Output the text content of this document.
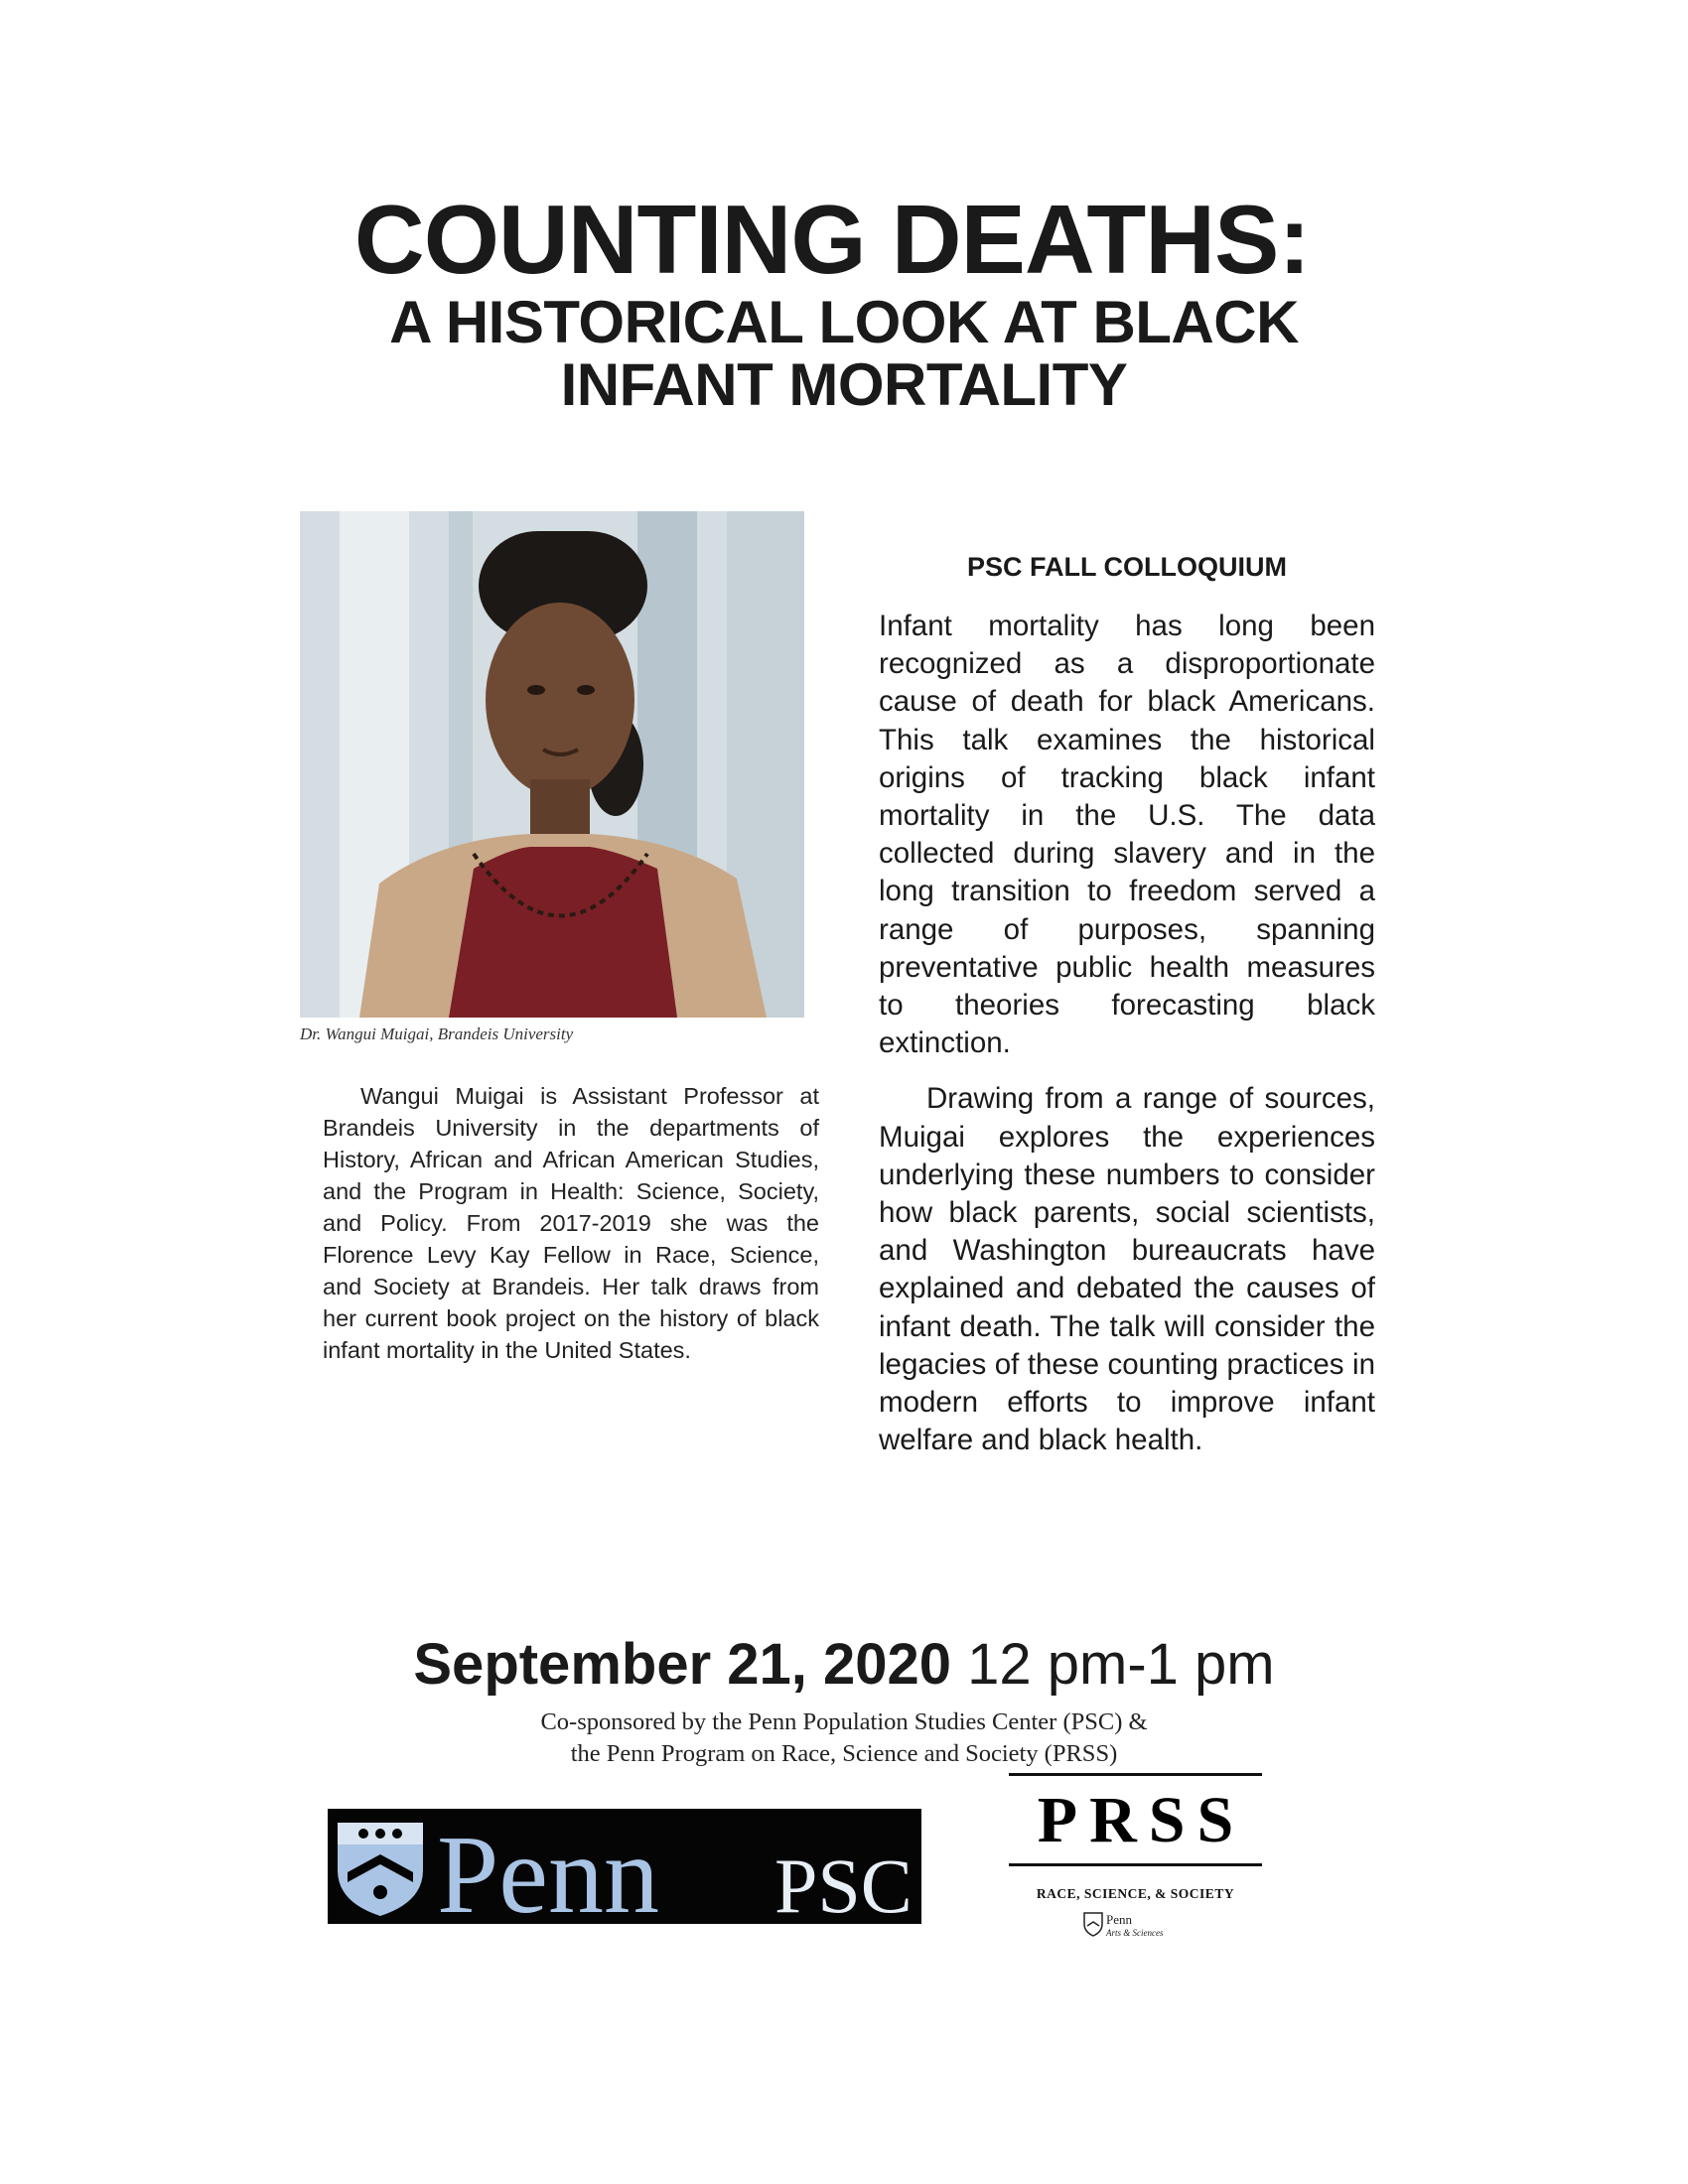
COUNTING DEATHS:
A HISTORICAL LOOK AT BLACK INFANT MORTALITY
Dr. Wangui Muigai, Brandeis University

Wangui Muigai is Assistant Professor at Brandeis University in the departments of History, African and African American Studies, and the Program in Health: Science, Society, and Policy. From 2017-2019 she was the Florence Levy Kay Fellow in Race, Science, and Society at Brandeis. Her talk draws from her current book project on the history of black infant mortality in the United States.

PSC FALL COLLOQUIUM

Infant mortality has long been recognized as a disproportionate cause of death for black Americans. This talk examines the historical origins of tracking black infant mortality in the U.S. The data collected during slavery and in the long transition to freedom served a range of purposes, spanning preventative public health measures to theories forecasting black extinction.

Drawing from a range of sources, Muigai explores the experiences underlying these numbers to consider how black parents, social scientists, and Washington bureaucrats have explained and debated the causes of infant death. The talk will consider the legacies of these counting practices in modern efforts to improve infant welfare and black health.

September 21, 2020 12 pm-1 pm
Co-sponsored by the Penn Population Studies Center (PSC) &
the Penn Program on Race, Science and Society (PRSS)
Penn PSC
PRSS
RACE, SCIENCE, & SOCIETY
Penn
Arts & Sciences
